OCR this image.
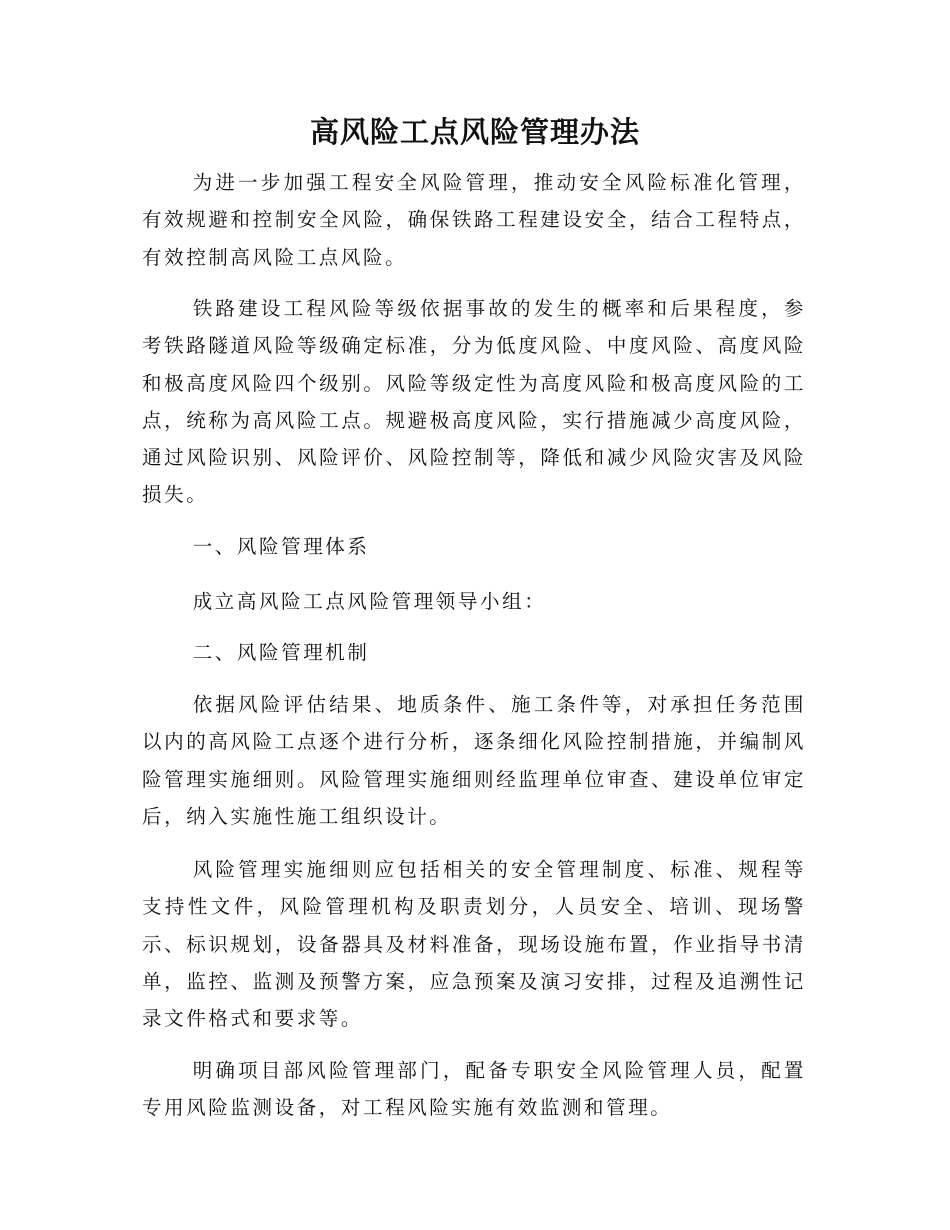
高风险工点风险管理办法

为进一步加强工程安全风险管理，推动安全风险标准化管理，有效规避和控制安全风险，确保铁路工程建设安全，结合工程特点，有效控制高风险工点风险。

铁路建设工程风险等级依据事故的发生的概率和后果程度，参考铁路隧道风险等级确定标准，分为低度风险、中度风险、高度风险和极高度风险四个级别。风险等级定性为高度风险和极高度风险的工点，统称为高风险工点。规避极高度风险，实行措施减少高度风险，通过风险识别、风险评价、风险控制等，降低和减少风险灾害及风险损失。

一、风险管理体系

成立高风险工点风险管理领导小组：

二、风险管理机制

依据风险评估结果、地质条件、施工条件等，对承担任务范围以内的高风险工点逐个进行分析，逐条细化风险控制措施，并编制风险管理实施细则。风险管理实施细则经监理单位审查、建设单位审定后，纳入实施性施工组织设计。

风险管理实施细则应包括相关的安全管理制度、标准、规程等支持性文件，风险管理机构及职责划分，人员安全、培训、现场警示、标识规划，设备器具及材料准备，现场设施布置，作业指导书清单，监控、监测及预警方案，应急预案及演习安排，过程及追溯性记录文件格式和要求等。

明确项目部风险管理部门，配备专职安全风险管理人员，配置专用风险监测设备，对工程风险实施有效监测和管理。
